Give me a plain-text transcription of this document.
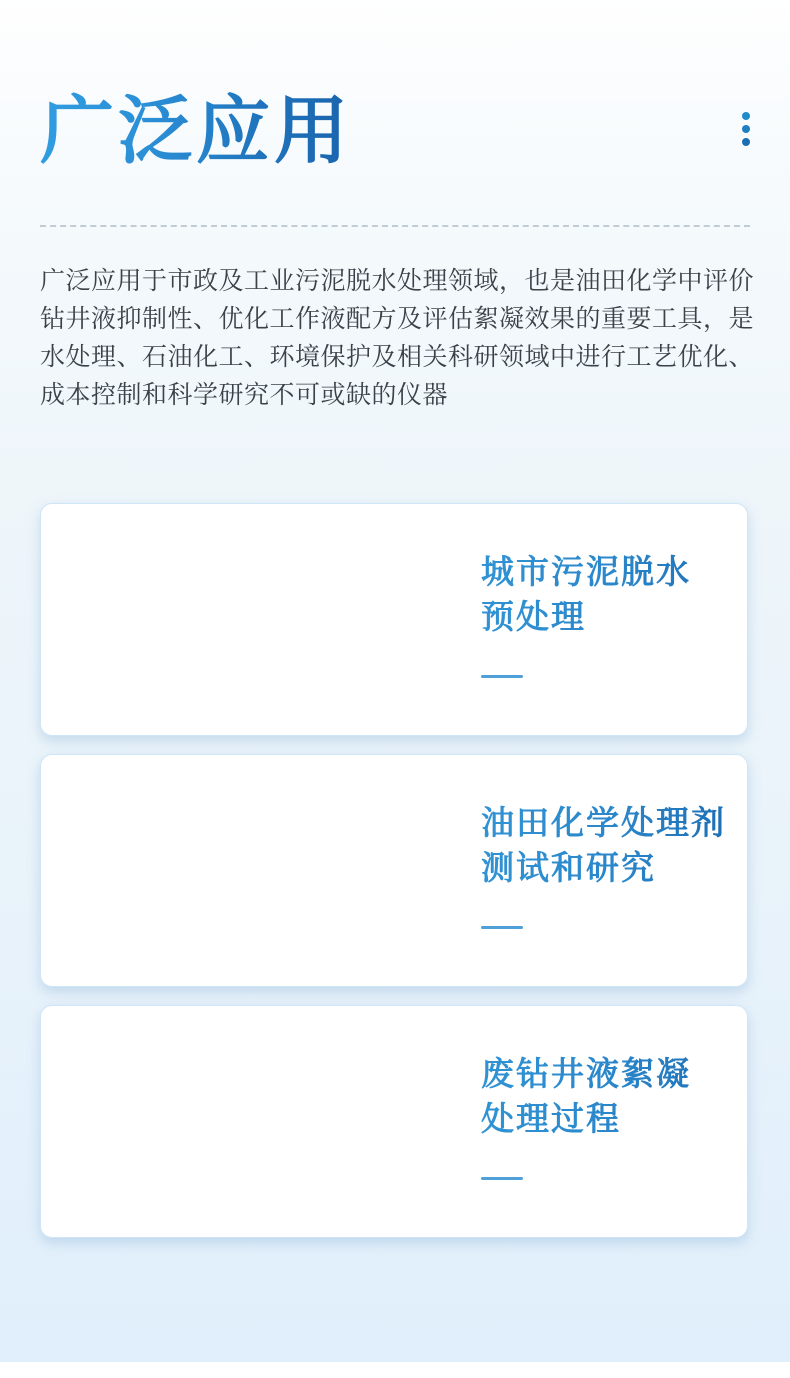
广泛应用

广泛应用于市政及工业污泥脱水处理领域，也是油田化学中评价钻井液抑制性、优化工作液配方及评估絮凝效果的重要工具，是水处理、石油化工、环境保护及相关科研领域中进行工艺优化、成本控制和科学研究不可或缺的仪器

城市污泥脱水
预处理
油田化学处理剂
测试和研究
废钻井液絮凝
处理过程
